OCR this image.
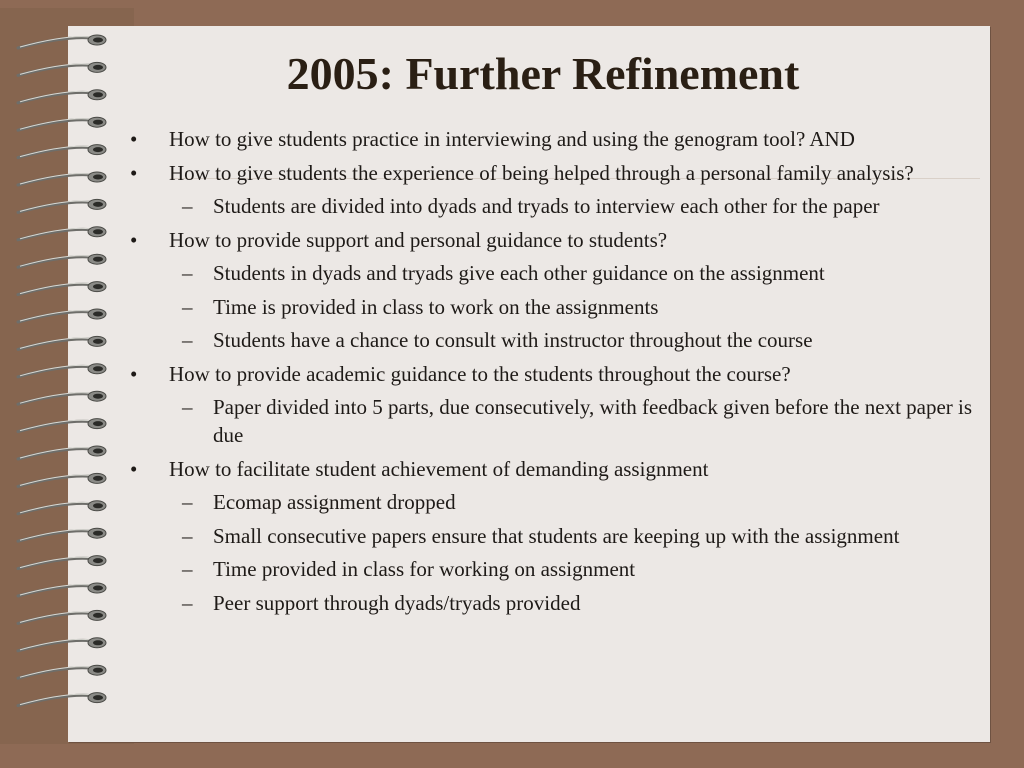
2005: Further Refinement
• How to give students practice in interviewing and using the genogram tool? AND
• How to give students the experience of being helped through a personal family analysis?
– Students are divided into dyads and tryads to interview each other for the paper
• How to provide support and personal guidance to students?
– Students in dyads and tryads give each other guidance on the assignment
– Time is provided in class to work on the assignments
– Students have a chance to consult with instructor throughout the course
• How to provide academic guidance to the students throughout the course?
– Paper divided into 5 parts, due consecutively, with feedback given before the next paper is due
• How to facilitate student achievement of demanding assignment
– Ecomap assignment dropped
– Small consecutive papers ensure that students are keeping up with the assignment
– Time provided in class for working on assignment
– Peer support through dyads/tryads provided
